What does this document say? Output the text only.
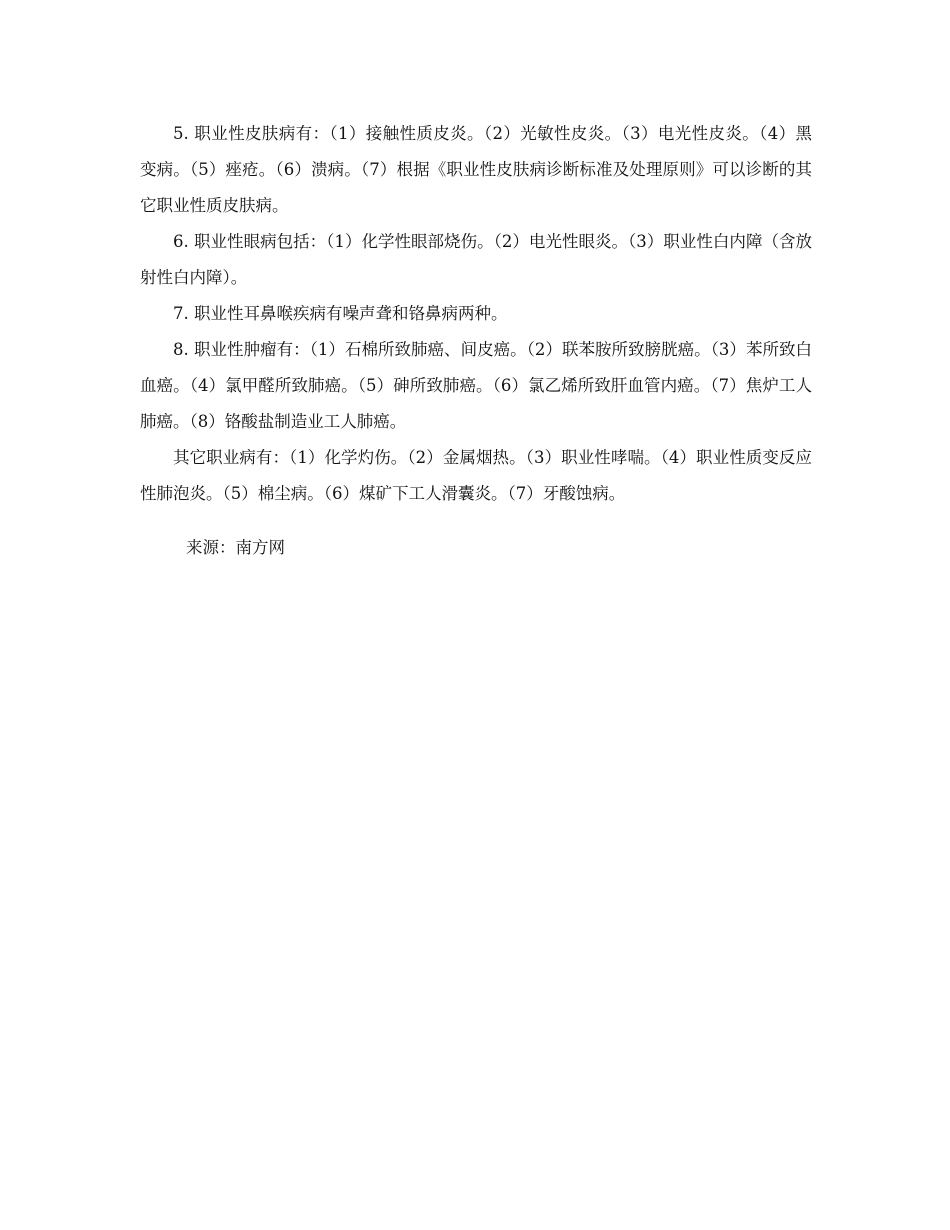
5. 职业性皮肤病有：（1）接触性质皮炎。（2）光敏性皮炎。（3）电光性皮炎。（4）黑变病。（5）痤疮。（6）溃病。（7）根据《职业性皮肤病诊断标准及处理原则》可以诊断的其它职业性质皮肤病。

6. 职业性眼病包括：（1）化学性眼部烧伤。（2）电光性眼炎。（3）职业性白内障（含放射性白内障）。

7. 职业性耳鼻喉疾病有噪声聋和铬鼻病两种。

8. 职业性肿瘤有：（1）石棉所致肺癌、间皮癌。（2）联苯胺所致膀胱癌。（3）苯所致白血癌。（4）氯甲醛所致肺癌。（5）砷所致肺癌。（6）氯乙烯所致肝血管内癌。（7）焦炉工人肺癌。（8）铬酸盐制造业工人肺癌。

其它职业病有：（1）化学灼伤。（2）金属烟热。（3）职业性哮喘。（4）职业性质变反应性肺泡炎。（5）棉尘病。（6）煤矿下工人滑囊炎。（7）牙酸蚀病。

来源：南方网
